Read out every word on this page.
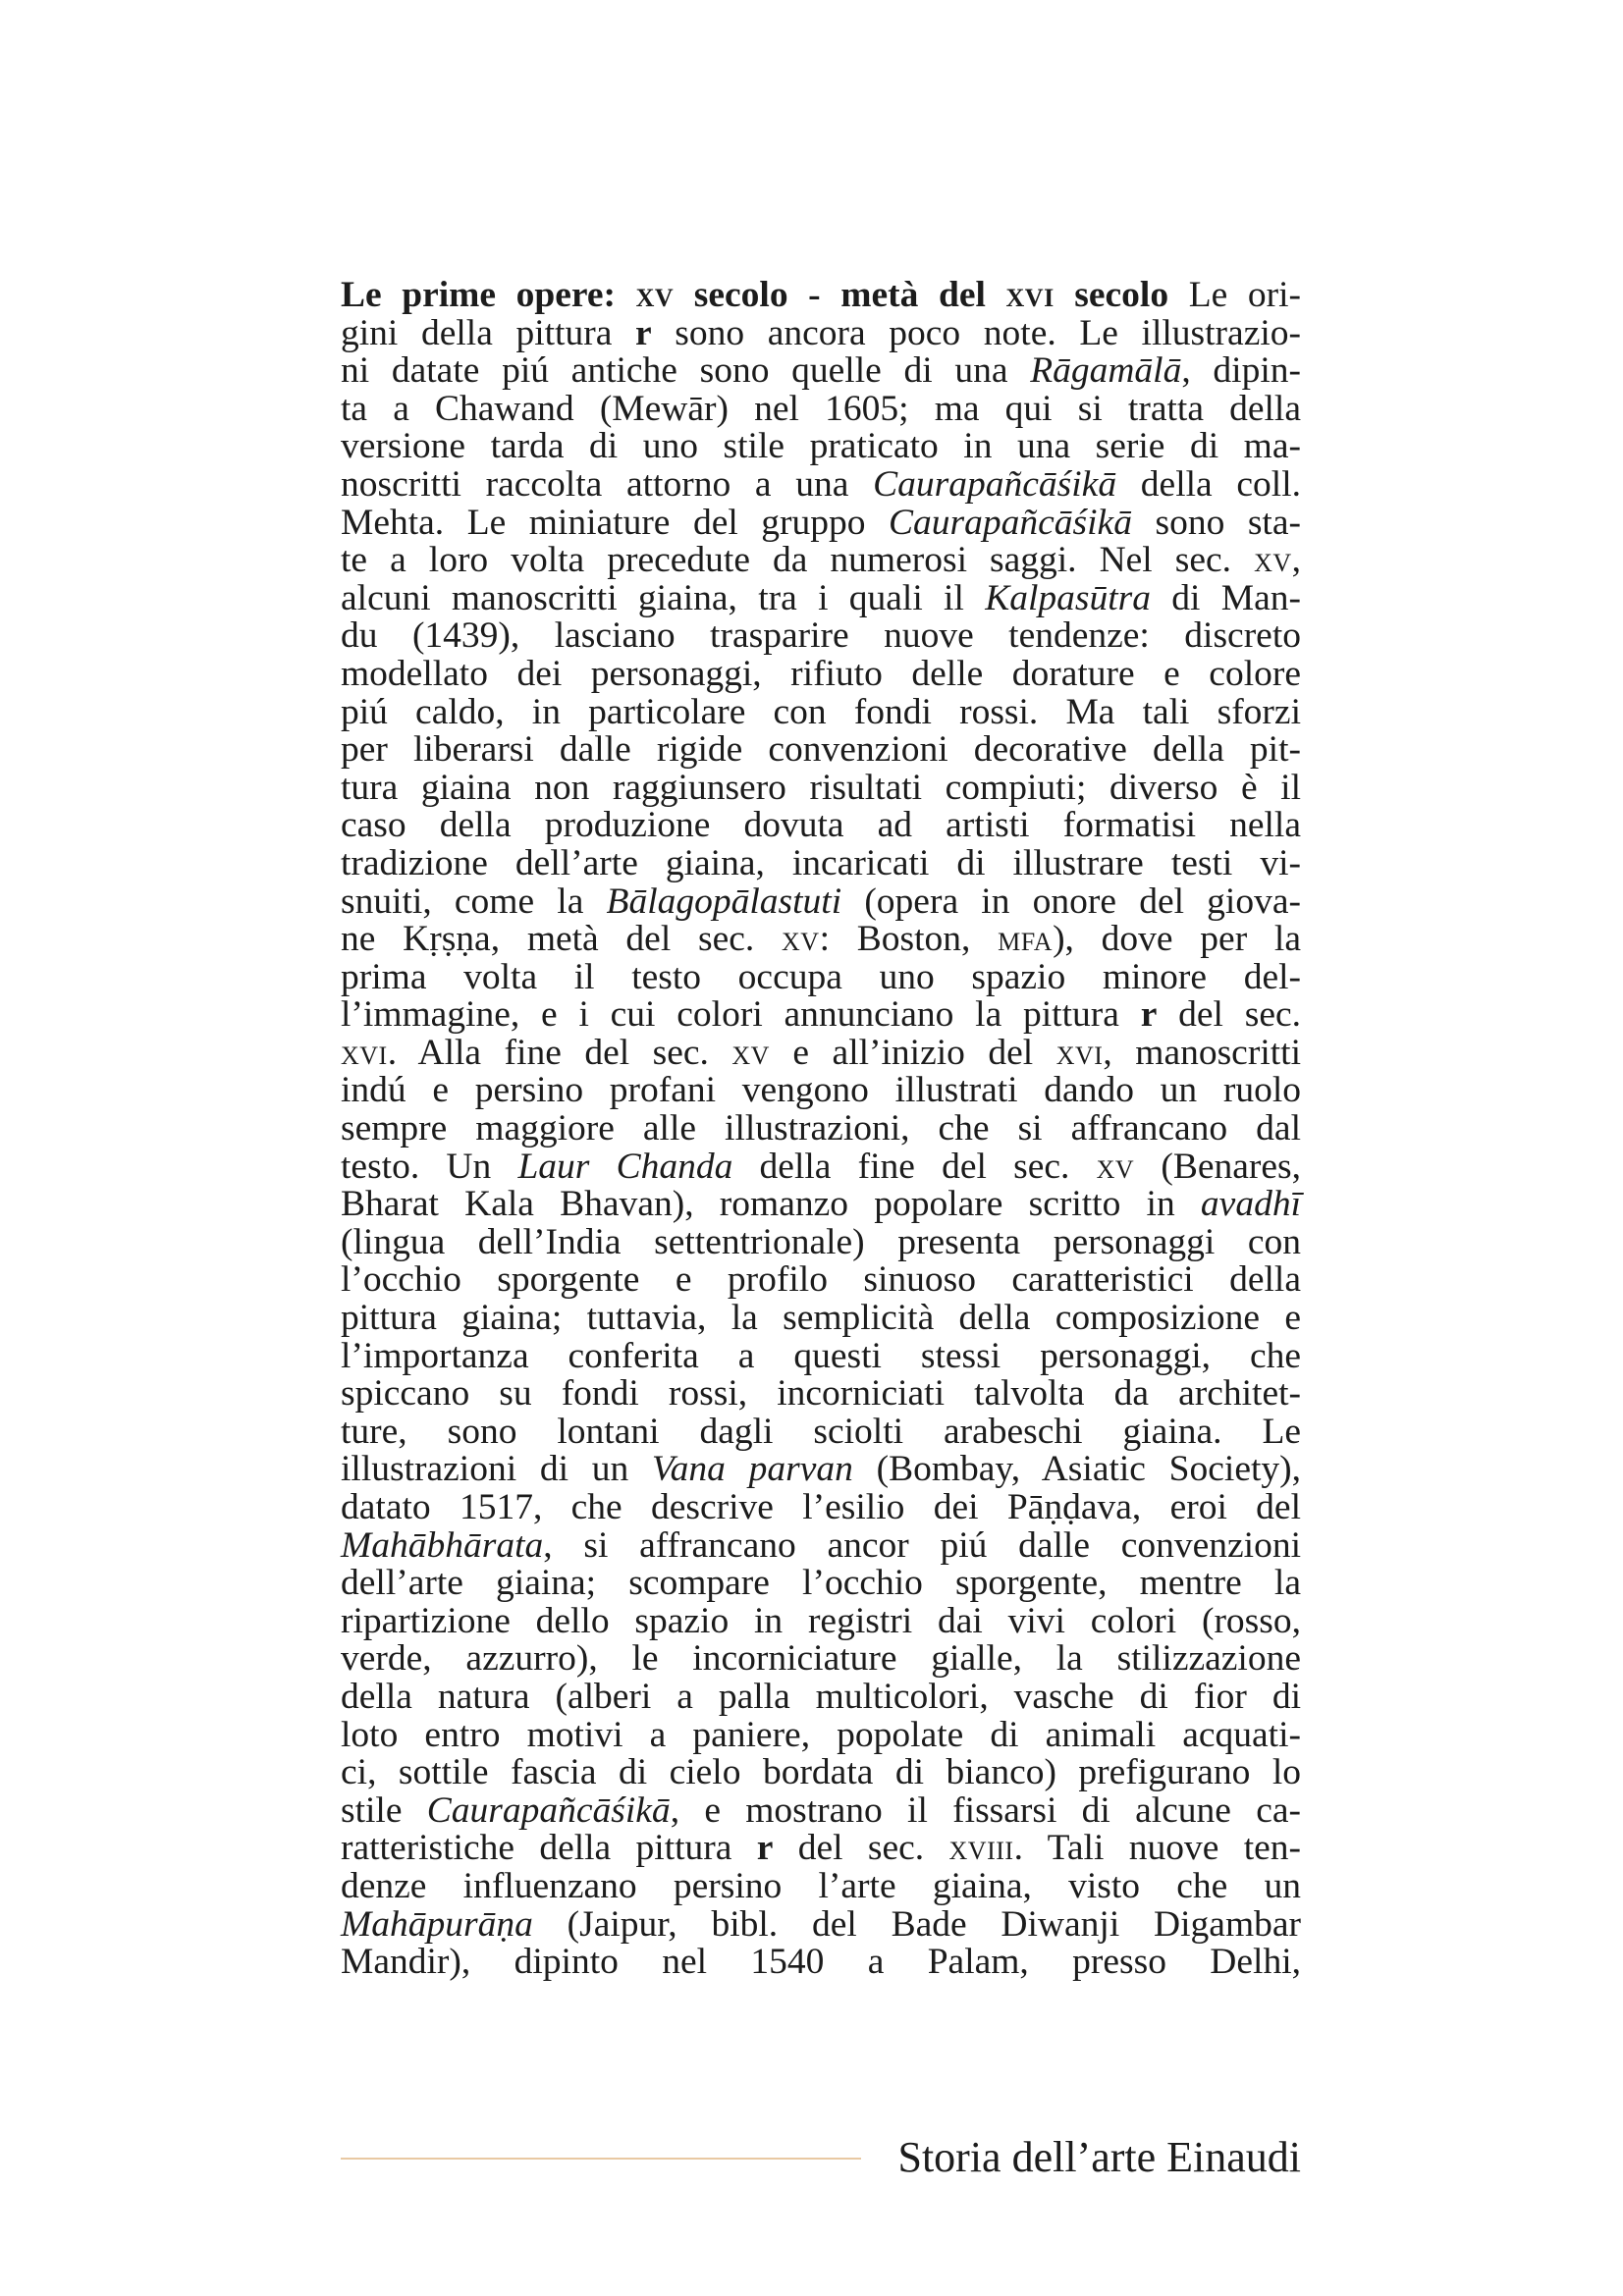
Le prime opere: xv secolo - metà del xvi secolo Le ori-
gini della pittura r sono ancora poco note. Le illustrazio-
ni datate piú antiche sono quelle di una Rāgamālā, dipin-
ta a Chawand (Mewār) nel 1605; ma qui si tratta della
versione tarda di uno stile praticato in una serie di ma-
noscritti raccolta attorno a una Caurapañcāśikā della coll.
Mehta. Le miniature del gruppo Caurapañcāśikā sono sta-
te a loro volta precedute da numerosi saggi. Nel sec. xv,
alcuni manoscritti giaina, tra i quali il Kalpasūtra di Man-
du (1439), lasciano trasparire nuove tendenze: discreto
modellato dei personaggi, rifiuto delle dorature e colore
piú caldo, in particolare con fondi rossi. Ma tali sforzi
per liberarsi dalle rigide convenzioni decorative della pit-
tura giaina non raggiunsero risultati compiuti; diverso è il
caso della produzione dovuta ad artisti formatisi nella
tradizione dell’arte giaina, incaricati di illustrare testi vi-
snuiti, come la Bālagopālastuti (opera in onore del giova-
ne Kṛṣṇa, metà del sec. xv: Boston, mfa), dove per la
prima volta il testo occupa uno spazio minore del-
l’immagine, e i cui colori annunciano la pittura r del sec.
xvi. Alla fine del sec. xv e all’inizio del xvi, manoscritti
indú e persino profani vengono illustrati dando un ruolo
sempre maggiore alle illustrazioni, che si affrancano dal
testo. Un Laur Chanda della fine del sec. xv (Benares,
Bharat Kala Bhavan), romanzo popolare scritto in avadhī
(lingua dell’India settentrionale) presenta personaggi con
l’occhio sporgente e profilo sinuoso caratteristici della
pittura giaina; tuttavia, la semplicità della composizione e
l’importanza conferita a questi stessi personaggi, che
spiccano su fondi rossi, incorniciati talvolta da architet-
ture, sono lontani dagli sciolti arabeschi giaina. Le
illustrazioni di un Vana parvan (Bombay, Asiatic Society),
datato 1517, che descrive l’esilio dei Pāṇḍava, eroi del
Mahābhārata, si affrancano ancor piú dalle convenzioni
dell’arte giaina; scompare l’occhio sporgente, mentre la
ripartizione dello spazio in registri dai vivi colori (rosso,
verde, azzurro), le incorniciature gialle, la stilizzazione
della natura (alberi a palla multicolori, vasche di fior di
loto entro motivi a paniere, popolate di animali acquati-
ci, sottile fascia di cielo bordata di bianco) prefigurano lo
stile Caurapañcāśikā, e mostrano il fissarsi di alcune ca-
ratteristiche della pittura r del sec. xviii. Tali nuove ten-
denze influenzano persino l’arte giaina, visto che un
Mahāpurāṇa (Jaipur, bibl. del Bade Diwanji Digambar
Mandir), dipinto nel 1540 a Palam, presso Delhi,
Storia dell’arte Einaudi
